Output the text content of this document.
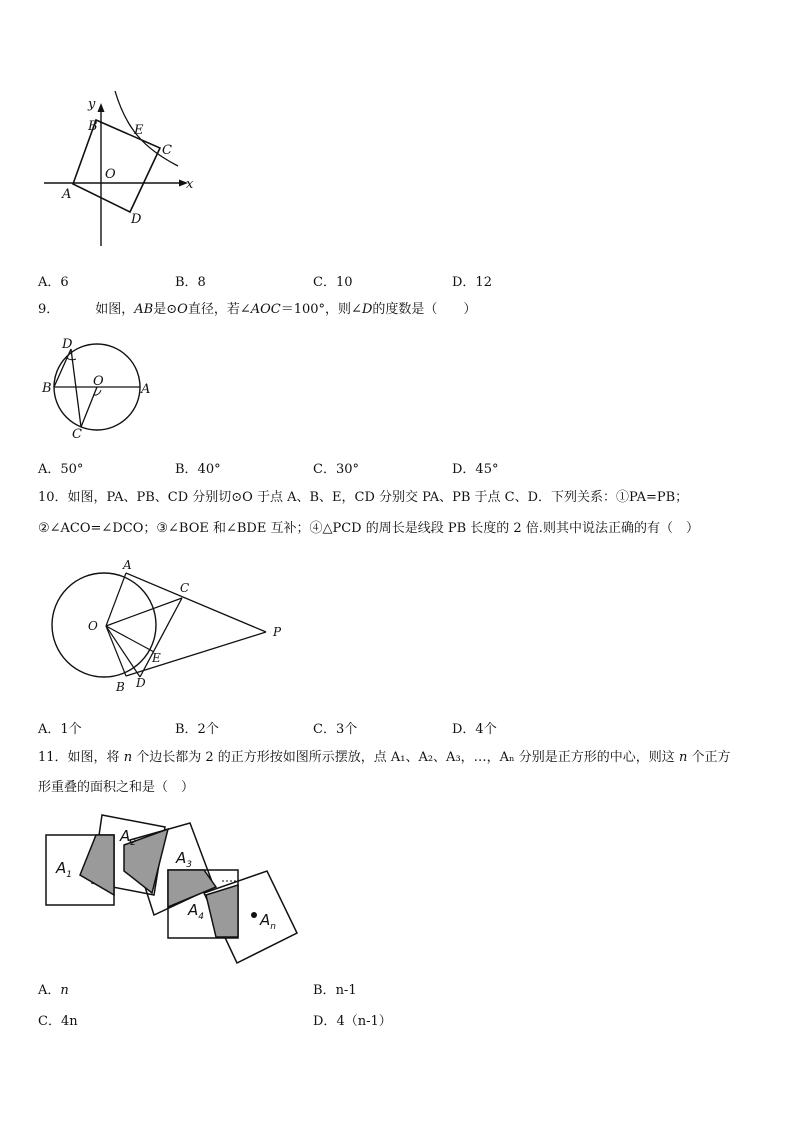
y
x
B	E
C
O
A
D
A．6	B．8	C．10	D．12
9．	如图，AB是⊙O直径，若∠AOC＝100°，则∠D的度数是（　　）
D
B	O
A
C
A．50°	B．40°	C．30°	D．45°
10．如图，PA、PB、CD 分别切⊙O 于点 A、B、E，CD 分别交 PA、PB 于点 C、D．下列关系：①PA=PB；
②∠ACO=∠DCO；③∠BOE 和∠BDE 互补；④△PCD 的周长是线段 PB 长度的 2 倍.则其中说法正确的有（　）
A
C
O	P
E
B D
A．1个	B．2个	C．3个	D．4个
11．如图，将 n 个边长都为 2 的正方形按如图所示摆放，点 A₁、A₂、A₃，…，Aₙ 分别是正方形的中心，则这 n 个正方
形重叠的面积之和是（　）
$A_1$
$A_2$
$A_3$
$A_4$	$A_n$
A．n	B．n-1
C．4n	D．4（n-1）
